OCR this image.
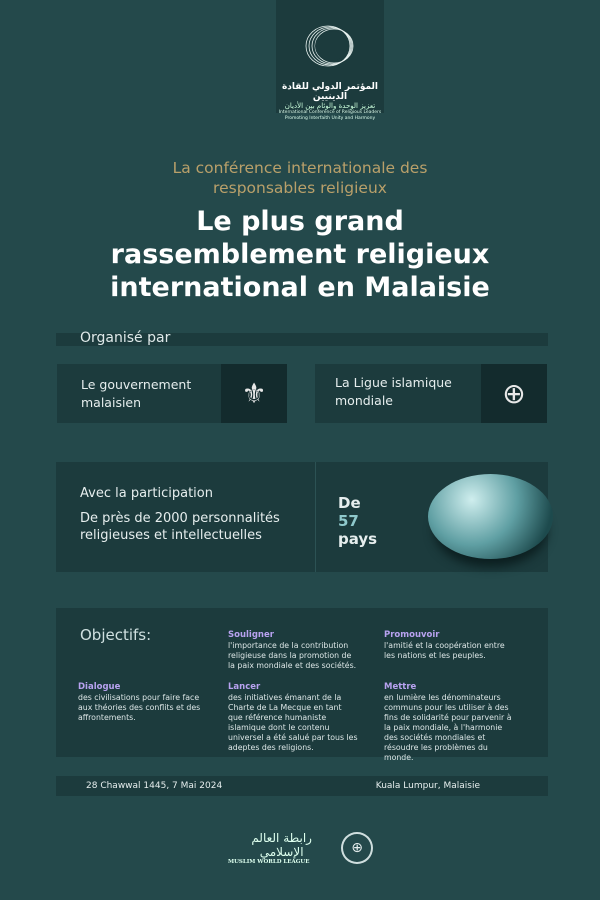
المؤتمر الدولي للقادة الدينيين
تعزيز الوحدة والوئام بين الأديان
International Conference of Religious Leaders
Promoting Interfaith Unity and Harmony
La conférence internationale des responsables religieux
Le plus grand rassemblement religieux international en Malaisie
Organisé par
Le gouvernement malaisien	⚜	La Ligue islamique mondiale	⊕
Avec la participation
De près de 2000 personnalités religieuses et intellectuelles
De
57
pays
Objectifs:	Souligner
l'importance de la contribution religieuse dans la promotion de la paix mondiale et des sociétés.
Promouvoir
l'amitié et la coopération entre les nations et les peuples.
Dialogue
des civilisations pour faire face aux théories des conflits et des affrontements.
Lancer
des initiatives émanant de la Charte de La Mecque en tant que référence humaniste islamique dont le contenu universel a été salué par tous les adeptes des religions.
Mettre
en lumière les dénominateurs communs pour les utiliser à des fins de solidarité pour parvenir à la paix mondiale, à l'harmonie des sociétés mondiales et résoudre les problèmes du monde.
28 Chawwal 1445, 7 Mai 2024	Kuala Lumpur, Malaisie
رابطة العالم الإسلامي
MUSLIM WORLD LEAGUE
⊕
